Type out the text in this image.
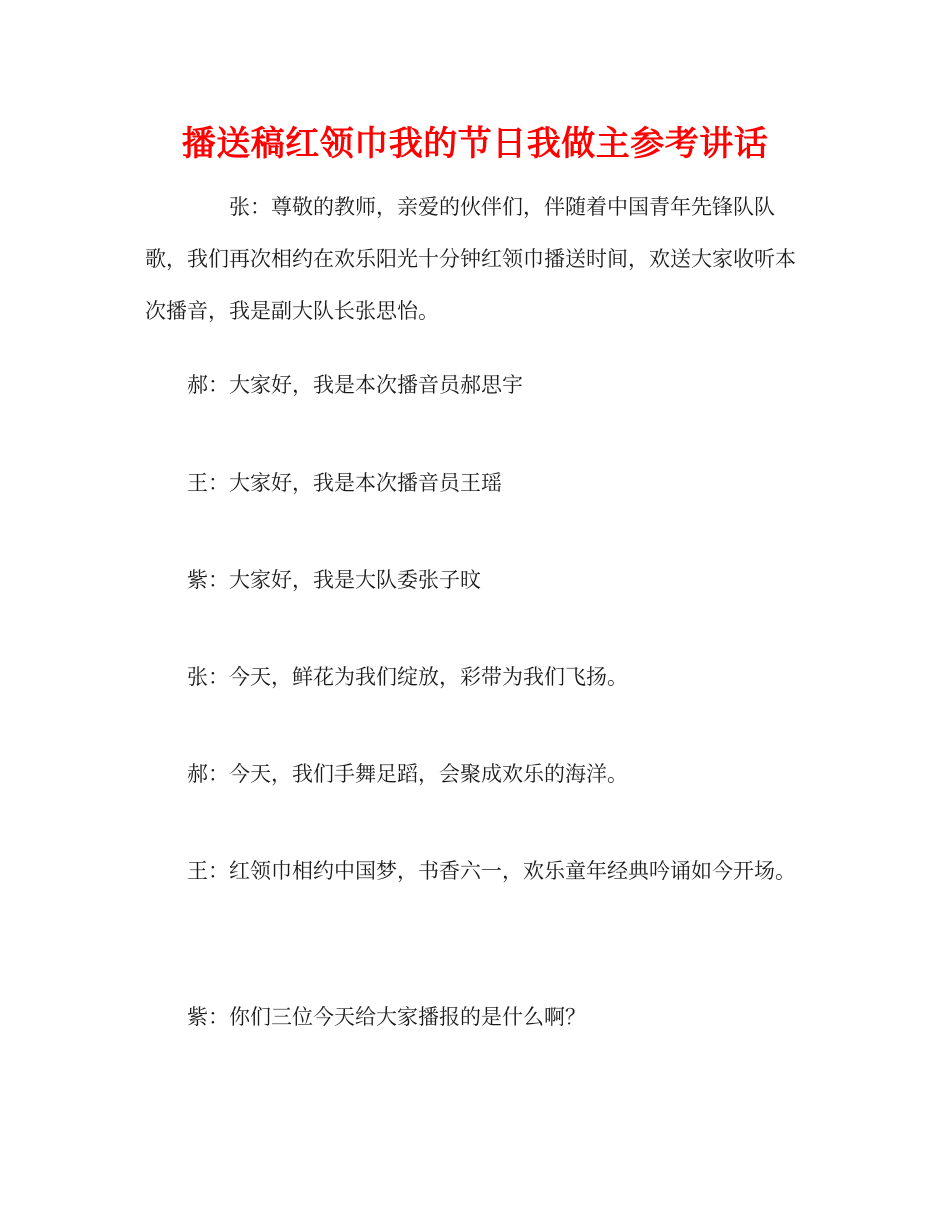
播送稿红领巾我的节日我做主参考讲话

　　　　张：尊敬的教师，亲爱的伙伴们，伴随着中国青年先锋队队歌，我们再次相约在欢乐阳光十分钟红领巾播送时间，欢送大家收听本次播音，我是副大队长张思怡。

　　郝：大家好，我是本次播音员郝思宇

　　王：大家好，我是本次播音员王瑶

　　紫：大家好，我是大队委张子旼

　　张：今天，鲜花为我们绽放，彩带为我们飞扬。

　　郝：今天，我们手舞足蹈，会聚成欢乐的海洋。

　　王：红领巾相约中国梦，书香六一，欢乐童年经典吟诵如今开场。

　　紫：你们三位今天给大家播报的是什么啊？
